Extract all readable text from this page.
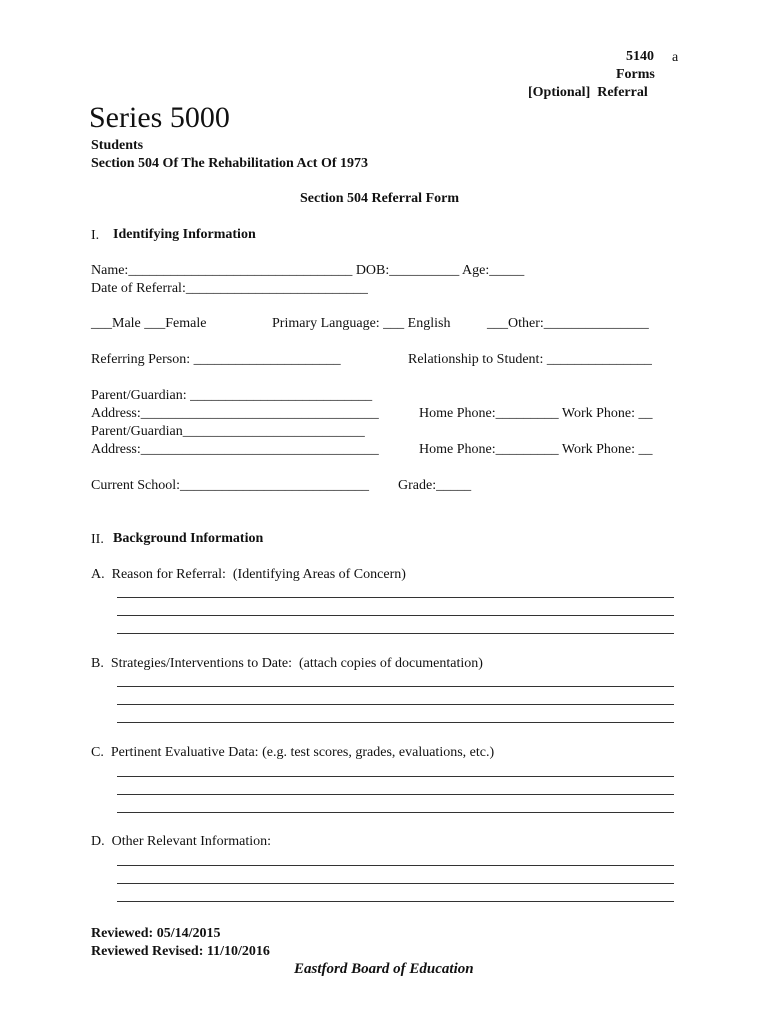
5140 a
Forms
[Optional]  Referral
Series 5000
Students
Section 504 Of The Rehabilitation Act Of 1973
Section 504 Referral Form
I. Identifying Information
Name:________________________________ DOB:__________ Age:_____
Date of Referral:__________________________
___Male ___Female	Primary Language: ___ English	___Other:_______________
Referring Person: _____________________	Relationship to Student: _______________
Parent/Guardian: __________________________
Address:__________________________________	Home Phone:_________ Work Phone: __
Parent/Guardian__________________________
Address:__________________________________	Home Phone:_________ Work Phone: __
Current School:___________________________ Grade:_____
II. Background Information
A.  Reason for Referral:  (Identifying Areas of Concern)
B.  Strategies/Interventions to Date:  (attach copies of documentation)
C.  Pertinent Evaluative Data: (e.g. test scores, grades, evaluations, etc.)
D.  Other Relevant Information:
Reviewed: 05/14/2015
Reviewed Revised: 11/10/2016
Eastford Board of Education
